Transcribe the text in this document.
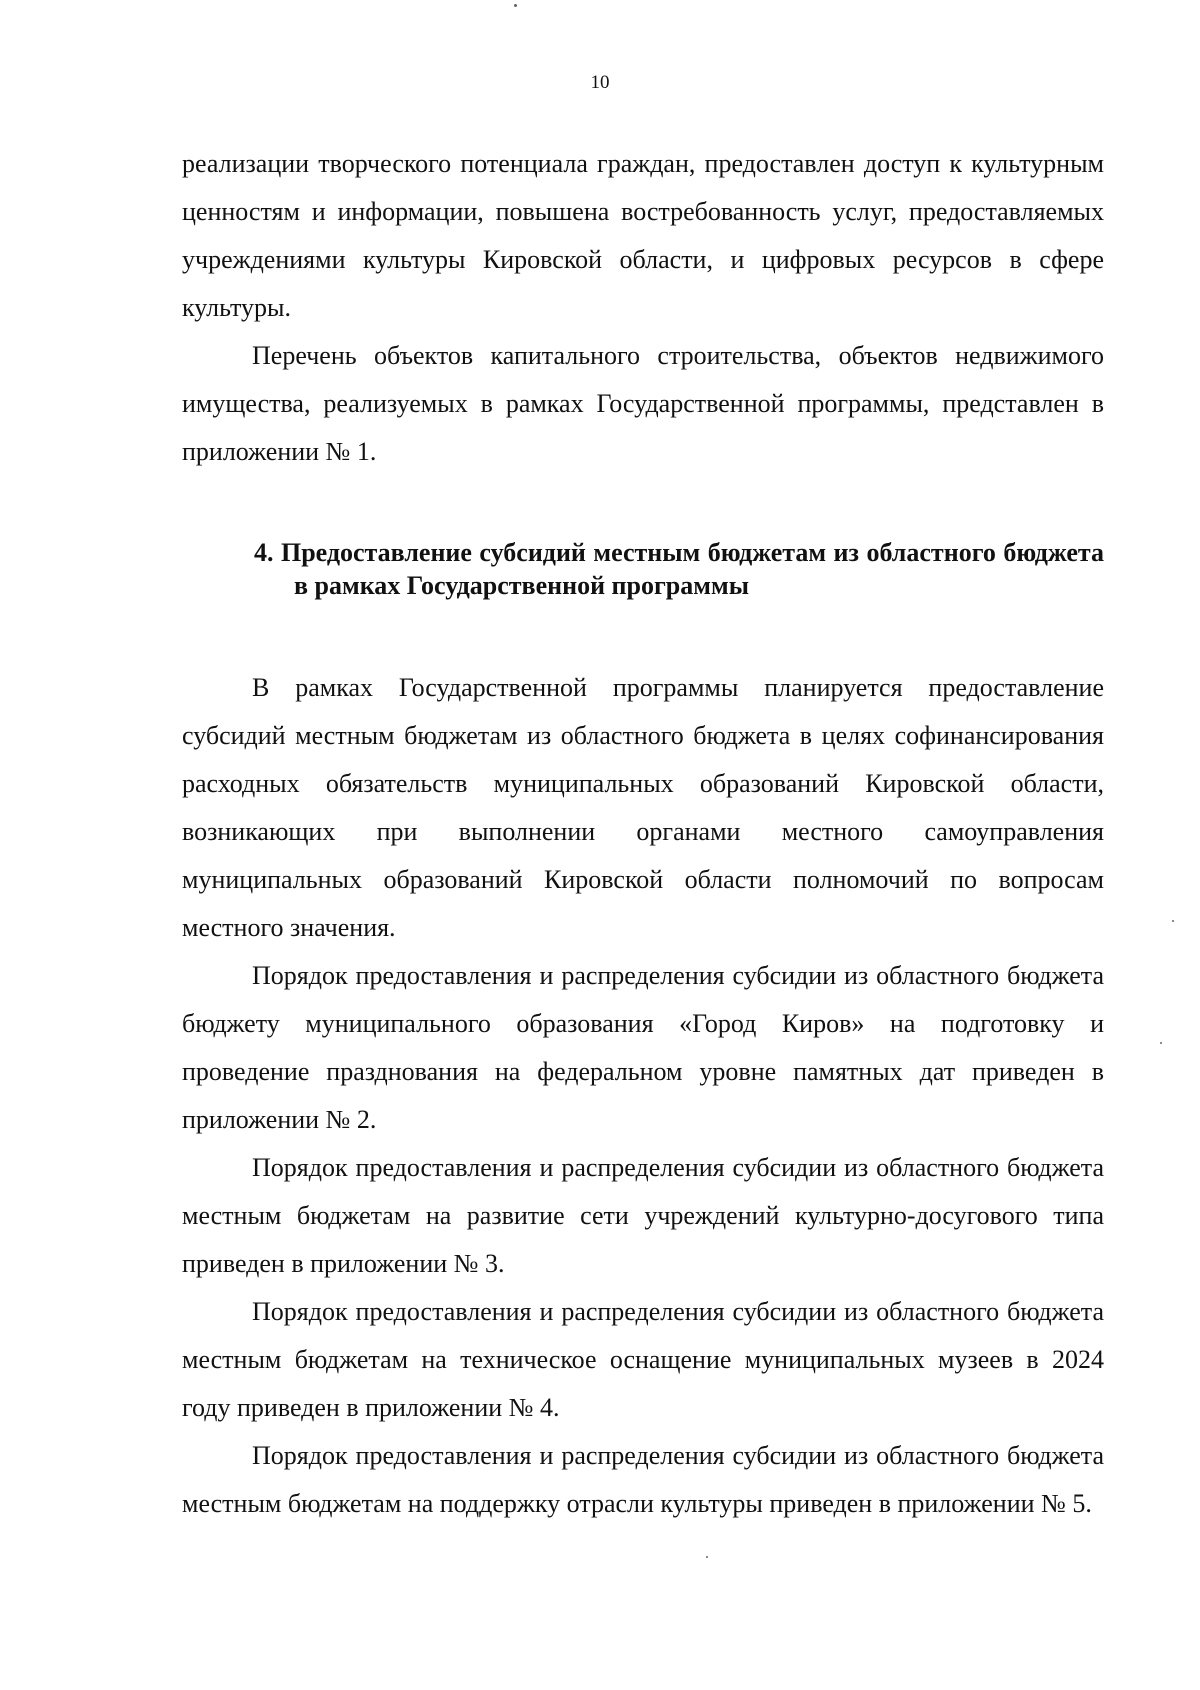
10

реализации творческого потенциала граждан, предоставлен доступ к культурным ценностям и информации, повышена востребованность услуг, предоставляемых учреждениями культуры Кировской области, и цифровых ресурсов в сфере культуры.

Перечень объектов капитального строительства, объектов недвижимого имущества, реализуемых в рамках Государственной программы, представлен в приложении № 1.

4. Предоставление субсидий местным бюджетам из областного бюджета в рамках Государственной программы

В рамках Государственной программы планируется предоставление субсидий местным бюджетам из областного бюджета в целях софинансирования расходных обязательств муниципальных образований Кировской области, возникающих при выполнении органами местного самоуправления муниципальных образований Кировской области полномочий по вопросам местного значения.

Порядок предоставления и распределения субсидии из областного бюджета бюджету муниципального образования «Город Киров» на подготовку и проведение празднования на федеральном уровне памятных дат приведен в приложении № 2.

Порядок предоставления и распределения субсидии из областного бюджета местным бюджетам на развитие сети учреждений культурно-досугового типа приведен в приложении № 3.

Порядок предоставления и распределения субсидии из областного бюджета местным бюджетам на техническое оснащение муниципальных музеев в 2024 году приведен в приложении № 4.

Порядок предоставления и распределения субсидии из областного бюджета местным бюджетам на поддержку отрасли культуры приведен в приложении № 5.
